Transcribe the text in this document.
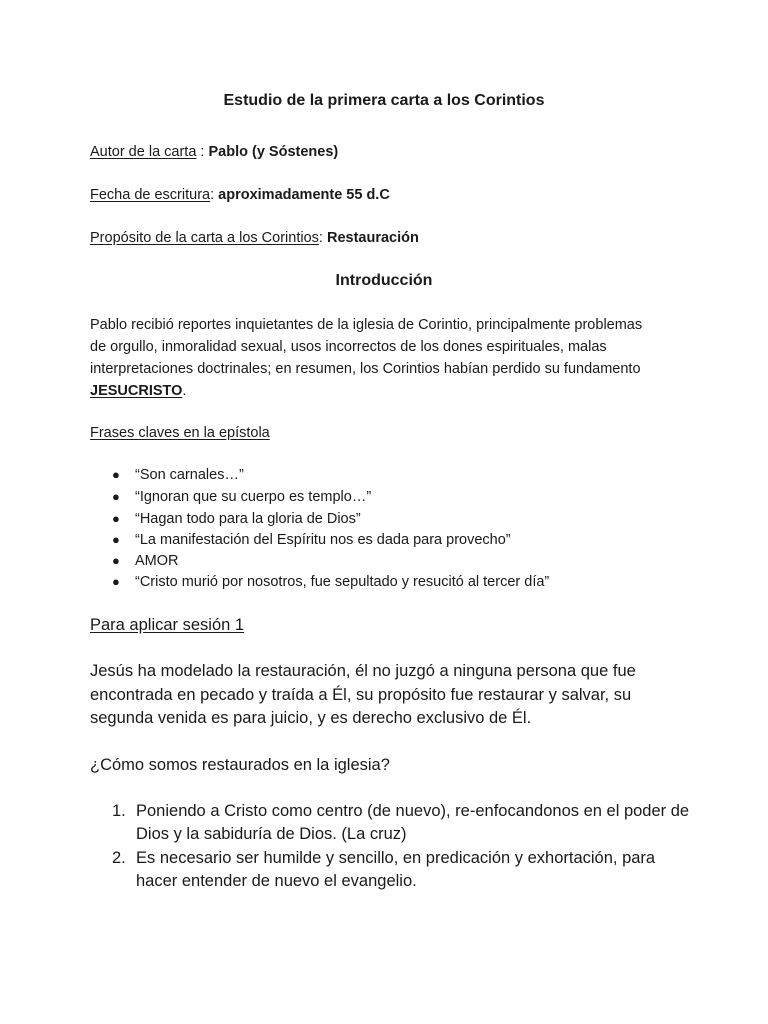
Estudio de la primera carta a los Corintios
Autor de la carta : Pablo (y Sóstenes)
Fecha de escritura: aproximadamente 55 d.C
Propósito de la carta a los Corintios: Restauración
Introducción
Pablo recibió reportes inquietantes de la iglesia de Corintio, principalmente problemas
de orgullo, inmoralidad sexual, usos incorrectos de los dones espirituales, malas
interpretaciones doctrinales; en resumen, los Corintios habían perdido su fundamento
JESUCRISTO.
Frases claves en la epístola
● “Son carnales…”
● “Ignoran que su cuerpo es templo…”
● “Hagan todo para la gloria de Dios”
● “La manifestación del Espíritu nos es dada para provecho”
● AMOR
● “Cristo murió por nosotros, fue sepultado y resucitó al tercer día”
Para aplicar sesión 1
Jesús ha modelado la restauración, él no juzgó a ninguna persona que fue
encontrada en pecado y traída a Él, su propósito fue restaurar y salvar, su
segunda venida es para juicio, y es derecho exclusivo de Él.
¿Cómo somos restaurados en la iglesia?
1. Poniendo a Cristo como centro (de nuevo), re-enfocandonos en el poder de
Dios y la sabiduría de Dios. (La cruz)
2. Es necesario ser humilde y sencillo, en predicación y exhortación, para
hacer entender de nuevo el evangelio.
